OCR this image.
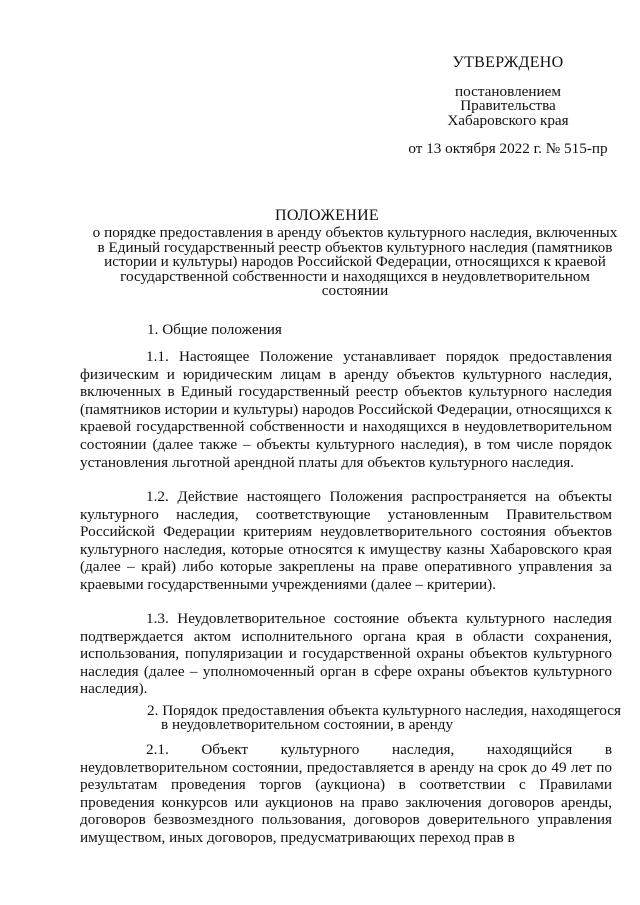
УТВЕРЖДЕНО
постановлением
Правительства
Хабаровского края
от 13 октября 2022 г. № 515-пр
ПОЛОЖЕНИЕ
о порядке предоставления в аренду объектов культурного наследия, включенных в Единый государственный реестр объектов культурного наследия (памятников истории и культуры) народов Российской Федерации, относящихся к краевой государственной собственности и находящихся в неудовлетворительном состоянии
1. Общие положения
1.1. Настоящее Положение устанавливает порядок предоставления физическим и юридическим лицам в аренду объектов культурного наследия, включенных в Единый государственный реестр объектов культурного наследия (памятников истории и культуры) народов Российской Федерации, относящихся к краевой государственной собственности и находящихся в неудовлетворительном состоянии (далее также – объекты культурного наследия), в том числе порядок установления льготной арендной платы для объектов культурного наследия.
1.2. Действие настоящего Положения распространяется на объекты культурного наследия, соответствующие установленным Правительством Российской Федерации критериям неудовлетворительного состояния объектов культурного наследия, которые относятся к имуществу казны Хабаровского края (далее – край) либо которые закреплены на праве оперативного управления за краевыми государственными учреждениями (далее – критерии).
1.3. Неудовлетворительное состояние объекта культурного наследия подтверждается актом исполнительного органа края в области сохранения, использования, популяризации и государственной охраны объектов культурного наследия (далее – уполномоченный орган в сфере охраны объектов культурного наследия).
2. Порядок предоставления объекта культурного наследия, находящегося
в неудовлетворительном состоянии, в аренду
2.1. Объект культурного наследия, находящийся в неудовлетворительном состоянии, предоставляется в аренду на срок до 49 лет по результатам проведения торгов (аукциона) в соответствии с Правилами проведения конкурсов или аукционов на право заключения договоров аренды, договоров безвозмездного пользования, договоров доверительного управления имуществом, иных договоров, предусматривающих переход прав в
